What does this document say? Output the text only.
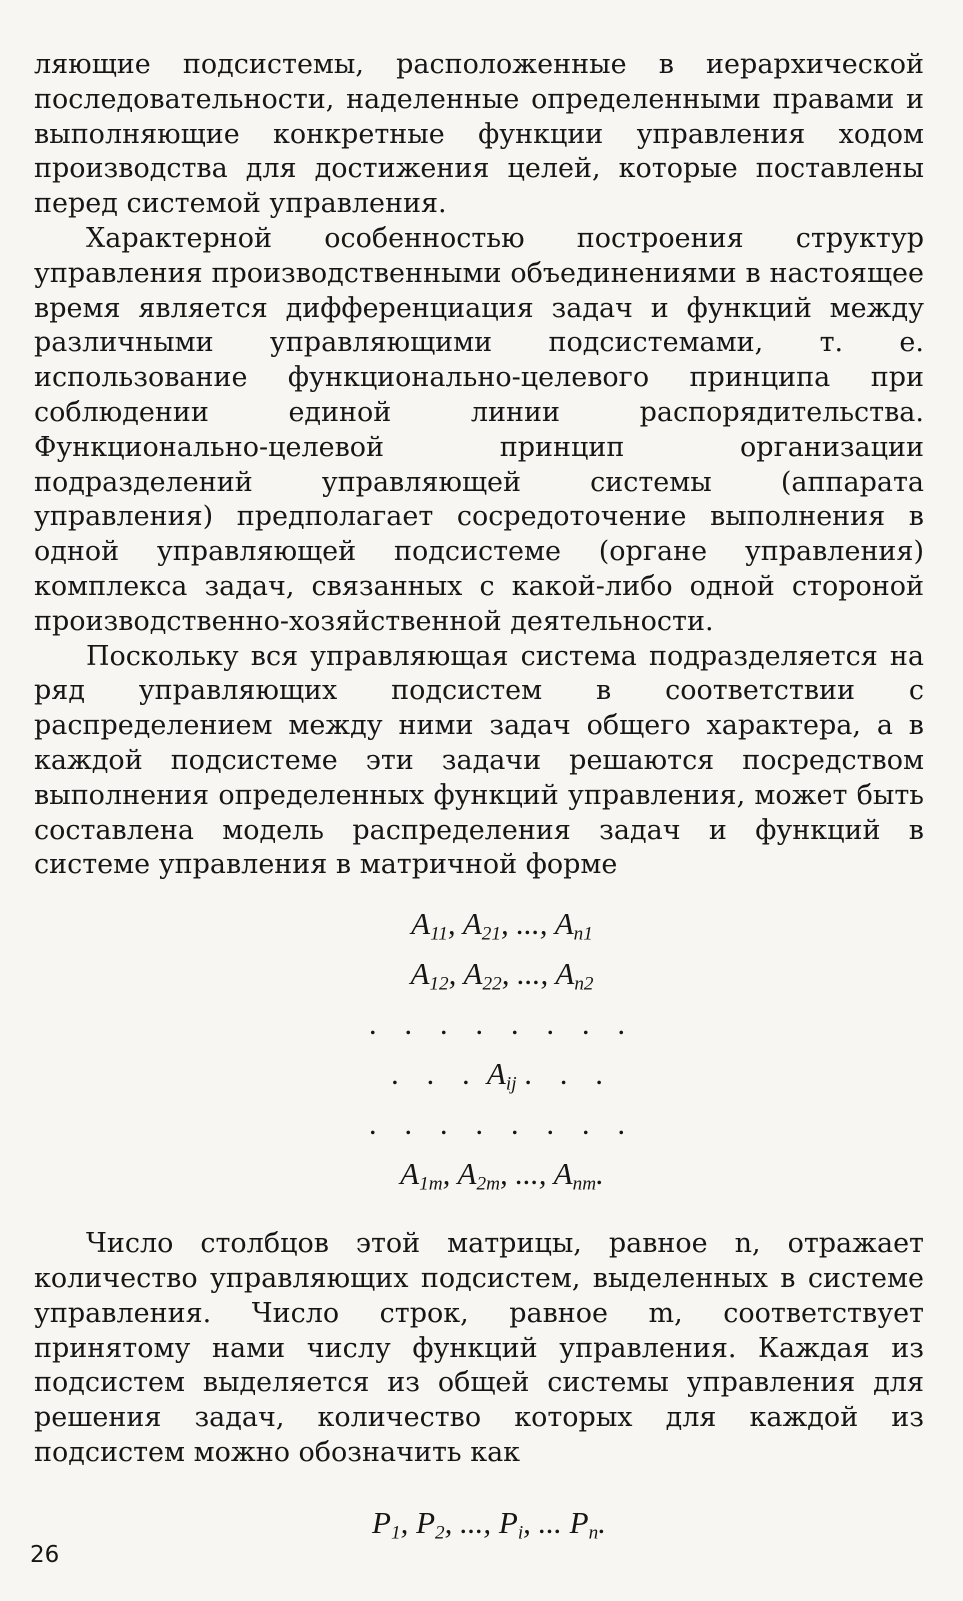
ляющие подсистемы, расположенные в иерархической последовательности, наделенные определенными правами и выполняющие конкретные функции управления ходом производства для достижения целей, которые поставлены перед системой управления.

Характерной особенностью построения структур управления производственными объединениями в настоящее время является дифференциация задач и функций между различными управляющими подсистемами, т. е. использование функционально-целевого принципа при соблюдении единой линии распорядительства. Функционально-целевой принцип организации подразделений управляющей системы (аппарата управления) предполагает сосредоточение выполнения в одной управляющей подсистеме (органе управления) комплекса задач, связанных с какой-либо одной стороной производственно-хозяйственной деятельности.

Поскольку вся управляющая система подразделяется на ряд управляющих подсистем в соответствии с распределением между ними задач общего характера, а в каждой подсистеме эти задачи решаются посредством выполнения определенных функций управления, может быть составлена модель распределения задач и функций в системе управления в матричной форме

$A_{11}$, $A_{21}$, ..., $A_{n1}$
$A_{12}$, $A_{22}$, ..., $A_{n2}$
. . . . . . . .
. . . $A_{ij}$ . . .
. . . . . . . .
$A_{1m}$, $A_{2m}$, ..., $A_{nm}$.

Число столбцов этой матрицы, равное n, отражает количество управляющих подсистем, выделенных в системе управления. Число строк, равное m, соответствует принятому нами числу функций управления. Каждая из подсистем выделяется из общей системы управления для решения задач, количество которых для каждой из подсистем можно обозначить как

$P_1$, $P_2$, ..., $P_i$, ... $P_n$.
26
